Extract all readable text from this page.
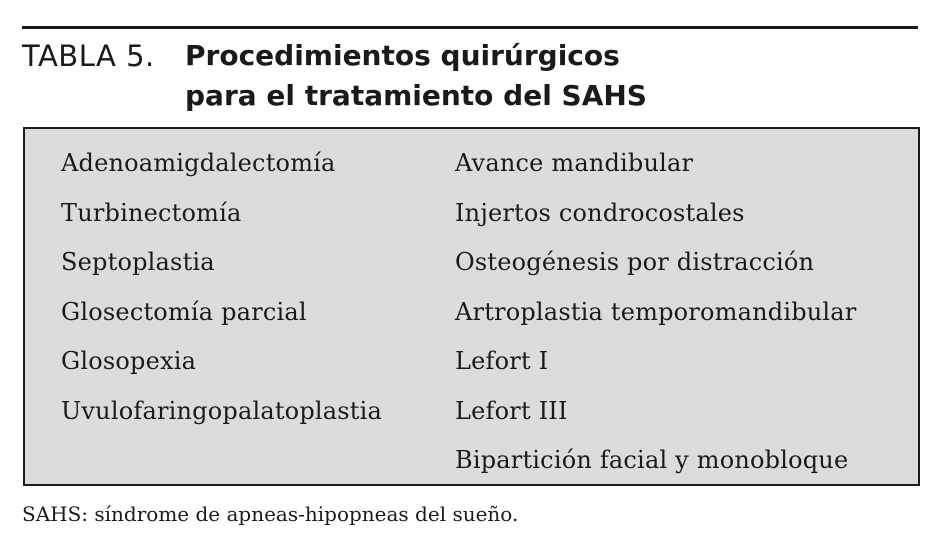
TABLA 5.	Procedimientos quirúrgicos
para el tratamiento del SAHS
Adenoamigdalectomía
Turbinectomía
Septoplastia
Glosectomía parcial
Glosopexia
Uvulofaringopalatoplastia
Avance mandibular
Injertos condrocostales
Osteogénesis por distracción
Artroplastia temporomandibular
Lefort I
Lefort III
Bipartición facial y monobloque
SAHS: síndrome de apneas-hipopneas del sueño.
